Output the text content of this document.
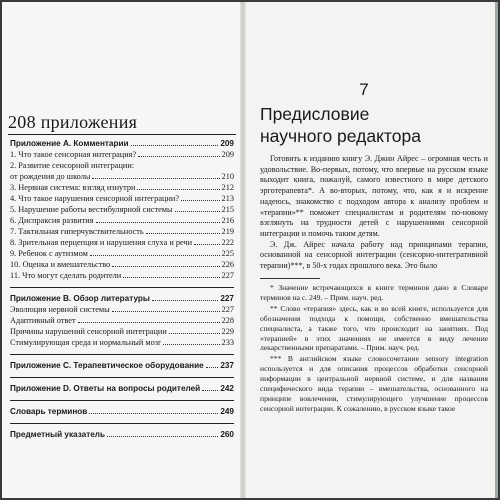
208 приложения
Приложение A. Комментарии	209
1. Что такое сенсорная интеграция?	209
2. Развитие сенсорной интеграции:
от рождения до школы	210
3. Нервная система: взгляд изнутри	212
4. Что такое нарушения сенсорной интеграции?	213
5. Нарушение работы вестибулярной системы	215
6. Диспраксия развития	216
7. Тактильная гиперчувствительность	219
8. Зрительная перцепция и нарушения слуха и речи	222
9. Ребенок с аутизмом	225
10. Оценка и вмешательство	226
11. Что могут сделать родители	227
Приложение B. Обзор литературы	227
Эволюция нервной системы	227
Адаптивный ответ	228
Причины нарушений сенсорной интеграции	229
Стимулирующая среда и нормальный мозг	233
Приложение C. Терапевтическое оборудование 237
Приложение D. Ответы на вопросы родителей 242
Словарь терминов	249
Предметный указатель	260
7
Предисловие
научного редактора

Готовить к изданию книгу Э. Джин Айрес – огромная честь и удовольствие. Во-первых, потому, что впервые на русском языке выходит книга, пожалуй, самого известного в мире детского эрготерапевта*. А во-вторых, потому, что, как я и искренне надеюсь, знакомство с подходом автора к анализу проблем и «терапии»** поможет специалистам и родителям по-новому взглянуть на трудности детей с нарушениями сенсорной интеграции и помочь таким детям.

Э. Дж. Айрес начала работу над принципами терапии, основанной на сенсорной интеграции (сенсорно-интегративной терапии)***, в 50-х годах прошлого века. Это было

* Значение встречающихся в книге терминов дано в Словаре терминов на с. 249. – Прим. науч. ред.

** Слово «терапия» здесь, как и во всей книге, используется для обозначения подхода к помощи, собственно вмешательства специалиста, а также того, что происходит на занятиях. Под «терапией» в этих значениях не имеется в виду лечение лекарственными препаратами. – Прим. науч. ред.

*** В английском языке словосочетание sensory integration используется и для описания процессов обработки сенсорной информации в центральной нервной системе, и для названия специфического вида терапии – вмешательства, основанного на принципе вовлечения, стимулирующего улучшение процессов сенсорной интеграции. К сожалению, в русском языке такое
